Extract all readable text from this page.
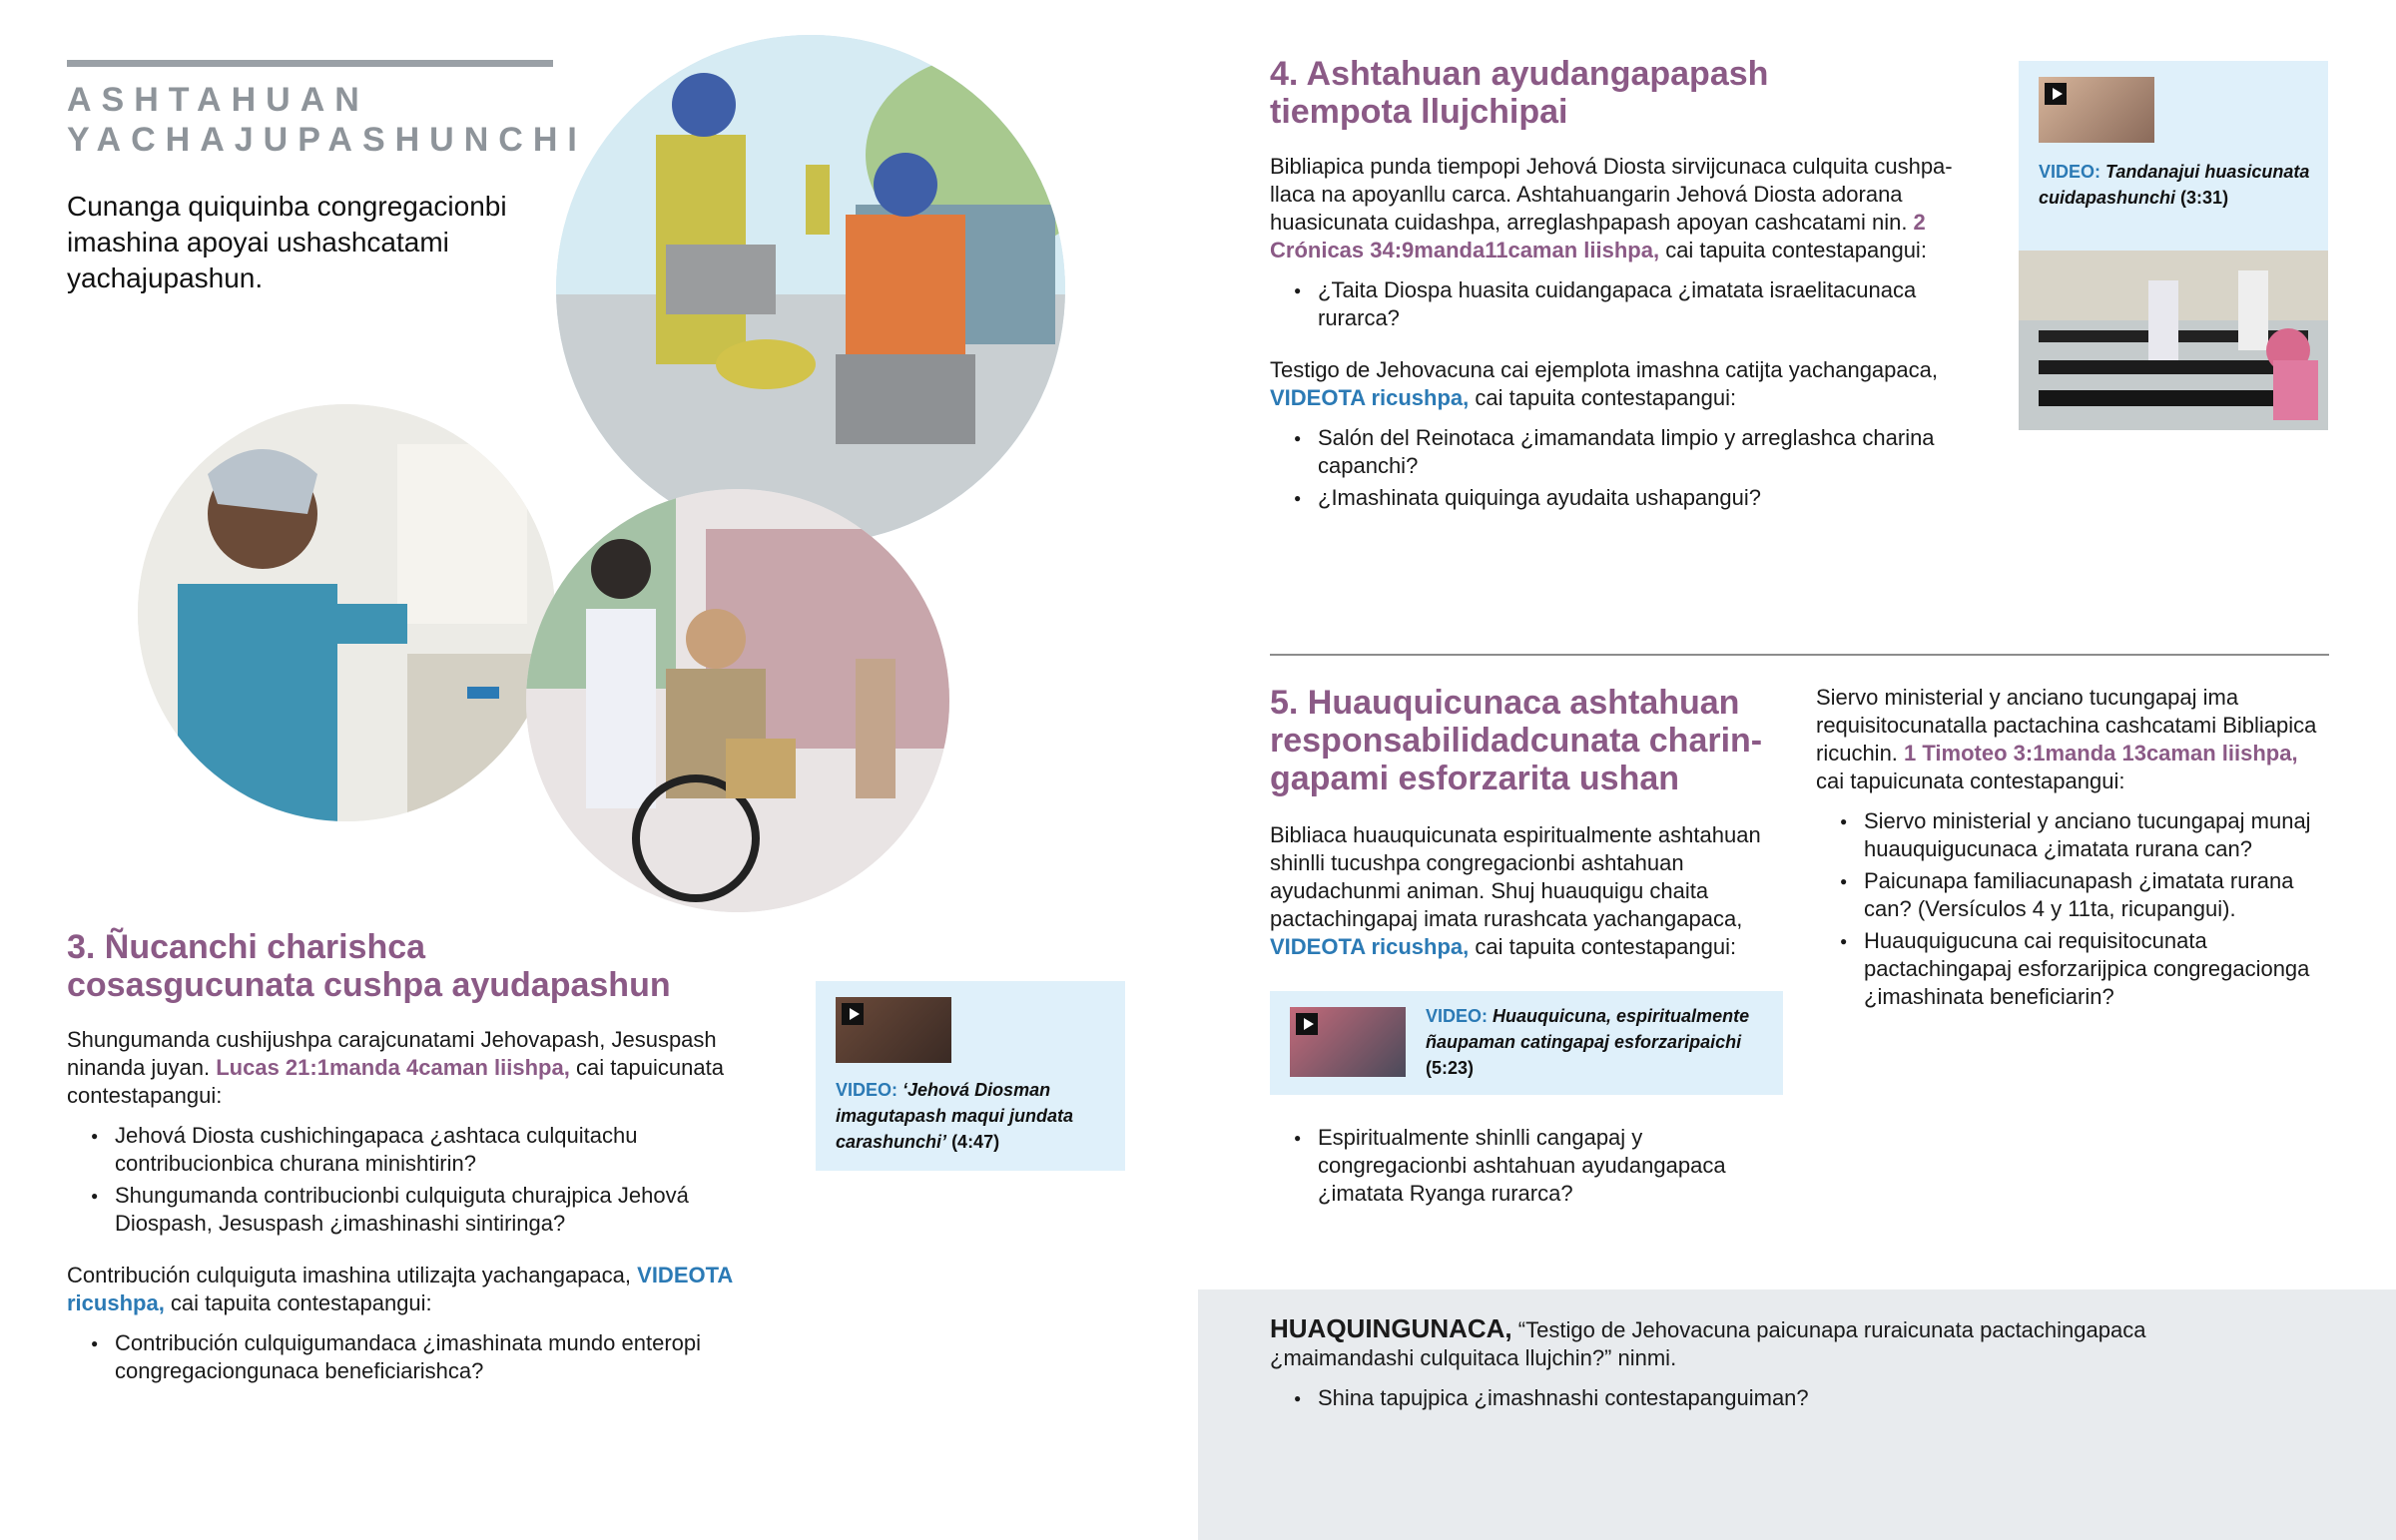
ASHTAHUAN
YACHAJUPASHUNCHI
Cunanga quiquinba congregacionbi imashina apoyai ushashcatami yachajupashun.
3. Ñucanchi charishca
cosasgucunata cushpa ayudapashun

Shungumanda cushijushpa carajcunatami Jehovapash, Jesuspash ninanda juyan. Lucas 21:1manda 4caman liishpa, cai tapuicunata contestapangui:

● Jehová Diosta cushichingapaca ¿ashtaca culquitachu contribucionbica churana minishtirin?
● Shungumanda contribucionbi culquiguta churajpica Jehová Diospash, Jesuspash ¿imashinashi sintiringa?

Contribución culquiguta imashina utilizajta yachangapaca, VIDEOTA ricushpa, cai tapuita contestapangui:

● Contribución culquigumandaca ¿imashinata mundo enteropi congregaciongunaca beneficiarishca?
VIDEO: ‘Jehová Diosman imagutapash maqui jundata carashunchi’ (4:47)
4. Ashtahuan ayudangapapash
tiempota llujchipai

Bibliapica punda tiempopi Jehová Diosta sirvijcunaca culquita cushpa-llaca na apoyanllu carca. Ashtahuangarin Jehová Diosta adorana huasicunata cuidashpa, arreglashpapash apoyan cashcatami nin. 2 Crónicas 34:9manda11caman liishpa, cai tapuita contestapangui:

● ¿Taita Diospa huasita cuidangapaca ¿imatata israelitacunaca rurarca?

Testigo de Jehovacuna cai ejemplota imashna catijta yachangapaca, VIDEOTA ricushpa, cai tapuita contestapangui:

● Salón del Reinotaca ¿imamandata limpio y arreglashca charina capanchi?
● ¿Imashinata quiquinga ayudaita ushapangui?
VIDEO: Tandanajui huasicunata cuidapashunchi (3:31)
5. Huauquicunaca ashtahuan
responsabilidadcunata charin-
gapami esforzarita ushan

Bibliaca huauquicunata espiritualmente ashtahuan shinlli tucushpa congregacionbi ashtahuan ayudachunmi animan. Shuj huauquigu chaita pactachingapaj imata rurashcata yachangapaca, VIDEOTA ricushpa, cai tapuita contestapangui:

VIDEO: Huauquicuna, espiritualmente ñaupaman catingapaj esforzaripaichi (5:23)
● Espiritualmente shinlli cangapaj y congregacionbi ashtahuan ayudangapaca ¿imatata Ryanga rurarca?

Siervo ministerial y anciano tucungapaj ima requisitocunatalla pactachina cashcatami Bibliapica ricuchin. 1 Timoteo 3:1manda 13caman liishpa, cai tapuicunata contestapangui:

● Siervo ministerial y anciano tucungapaj munaj huauquigucunaca ¿imatata rurana can?
● Paicunapa familiacunapash ¿imatata rurana can? (Versículos 4 y 11ta, ricupangui).
● Huauquigucuna cai requisitocunata pactachingapaj esforzarijpica congregacionga ¿imashinata beneficiarin?

HUAQUINGUNACA, “Testigo de Jehovacuna paicunapa ruraicunata pactachingapaca ¿maimandashi culquitaca llujchin?” ninmi.

● Shina tapujpica ¿imashnashi contestapanguiman?
